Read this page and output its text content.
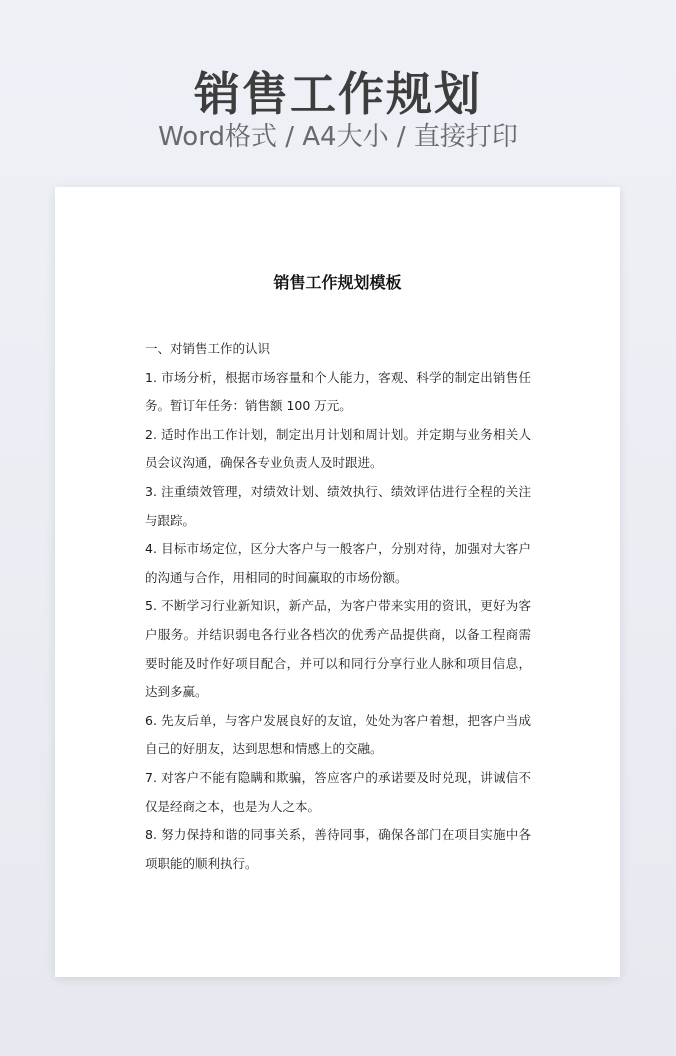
销售工作规划
Word格式 / A4大小 / 直接打印
销售工作规划模板

一、对销售工作的认识

1. 市场分析，根据市场容量和个人能力，客观、科学的制定出销售任务。暂订年任务：销售额 100 万元。

2. 适时作出工作计划，制定出月计划和周计划。并定期与业务相关人员会议沟通，确保各专业负责人及时跟进。

3. 注重绩效管理，对绩效计划、绩效执行、绩效评估进行全程的关注与跟踪。

4. 目标市场定位，区分大客户与一般客户，分别对待，加强对大客户的沟通与合作，用相同的时间赢取的市场份额。

5. 不断学习行业新知识，新产品，为客户带来实用的资讯，更好为客户服务。并结识弱电各行业各档次的优秀产品提供商，以备工程商需要时能及时作好项目配合，并可以和同行分享行业人脉和项目信息，达到多赢。

6. 先友后单，与客户发展良好的友谊，处处为客户着想，把客户当成自己的好朋友，达到思想和情感上的交融。

7. 对客户不能有隐瞒和欺骗，答应客户的承诺要及时兑现，讲诚信不仅是经商之本，也是为人之本。

8. 努力保持和谐的同事关系，善待同事，确保各部门在项目实施中各项职能的顺利执行。
